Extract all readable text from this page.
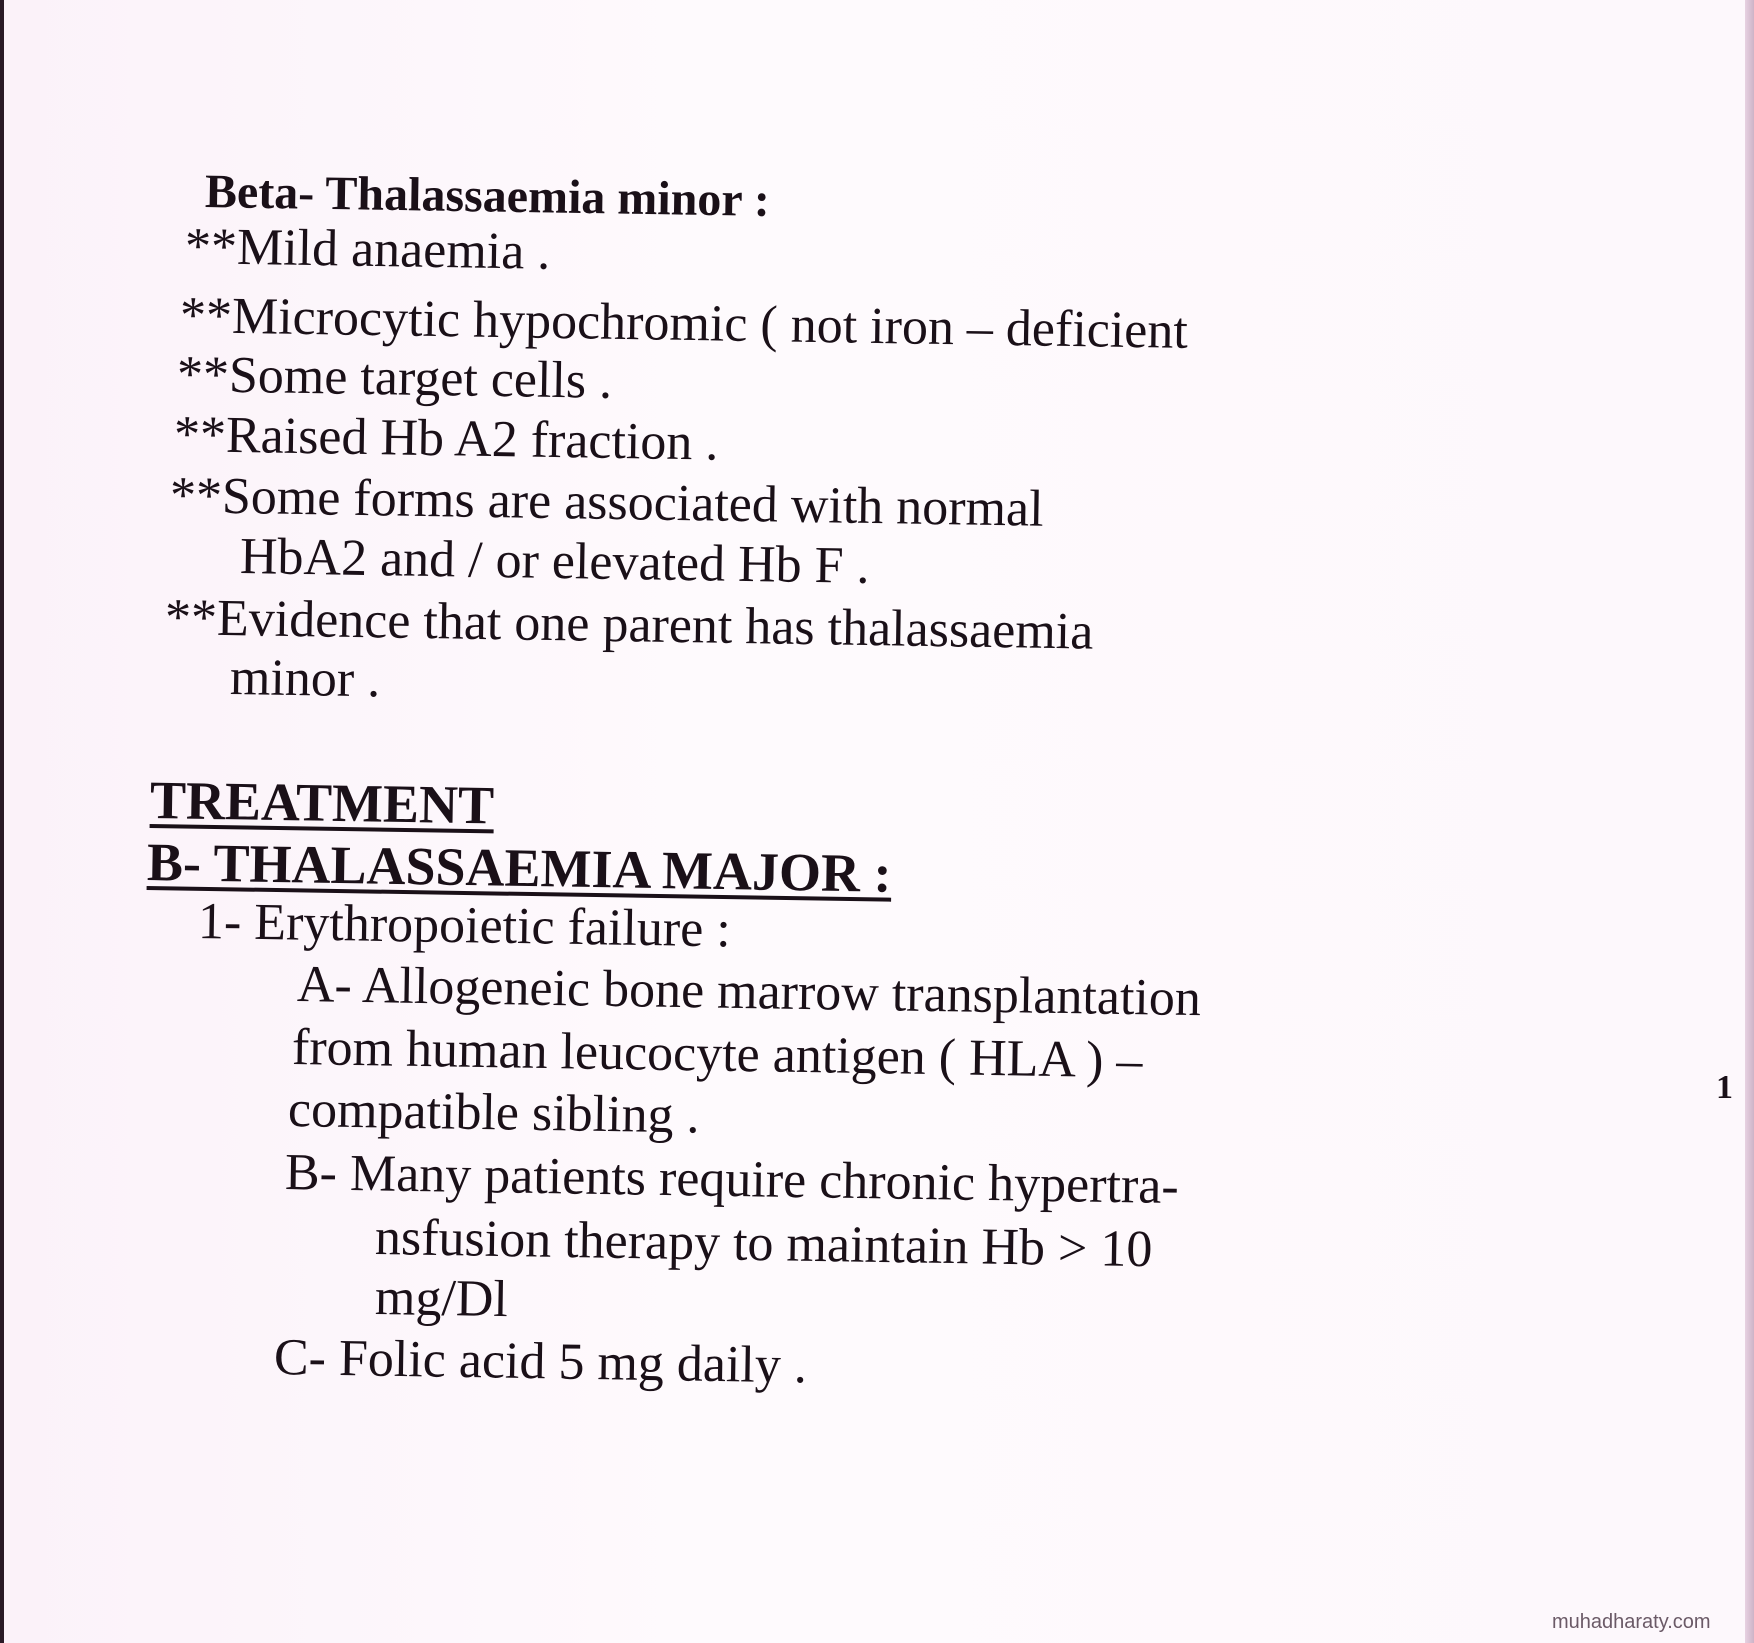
Beta- Thalassaemia minor :
**Mild anaemia .
**Microcytic hypochromic ( not iron – deficient
**Some target cells .
**Raised Hb A2 fraction .
**Some forms are associated with normal
HbA2 and / or elevated Hb F .
**Evidence that one parent has thalassaemia
minor .
TREATMENT
B- THALASSAEMIA MAJOR :
1- Erythropoietic failure :
A- Allogeneic bone marrow transplantation
from human leucocyte antigen ( HLA ) –
compatible sibling .
B- Many patients require chronic hypertra-
nsfusion therapy to maintain Hb > 10
mg/Dl
C- Folic acid 5 mg daily .
1
muhadharaty.com
